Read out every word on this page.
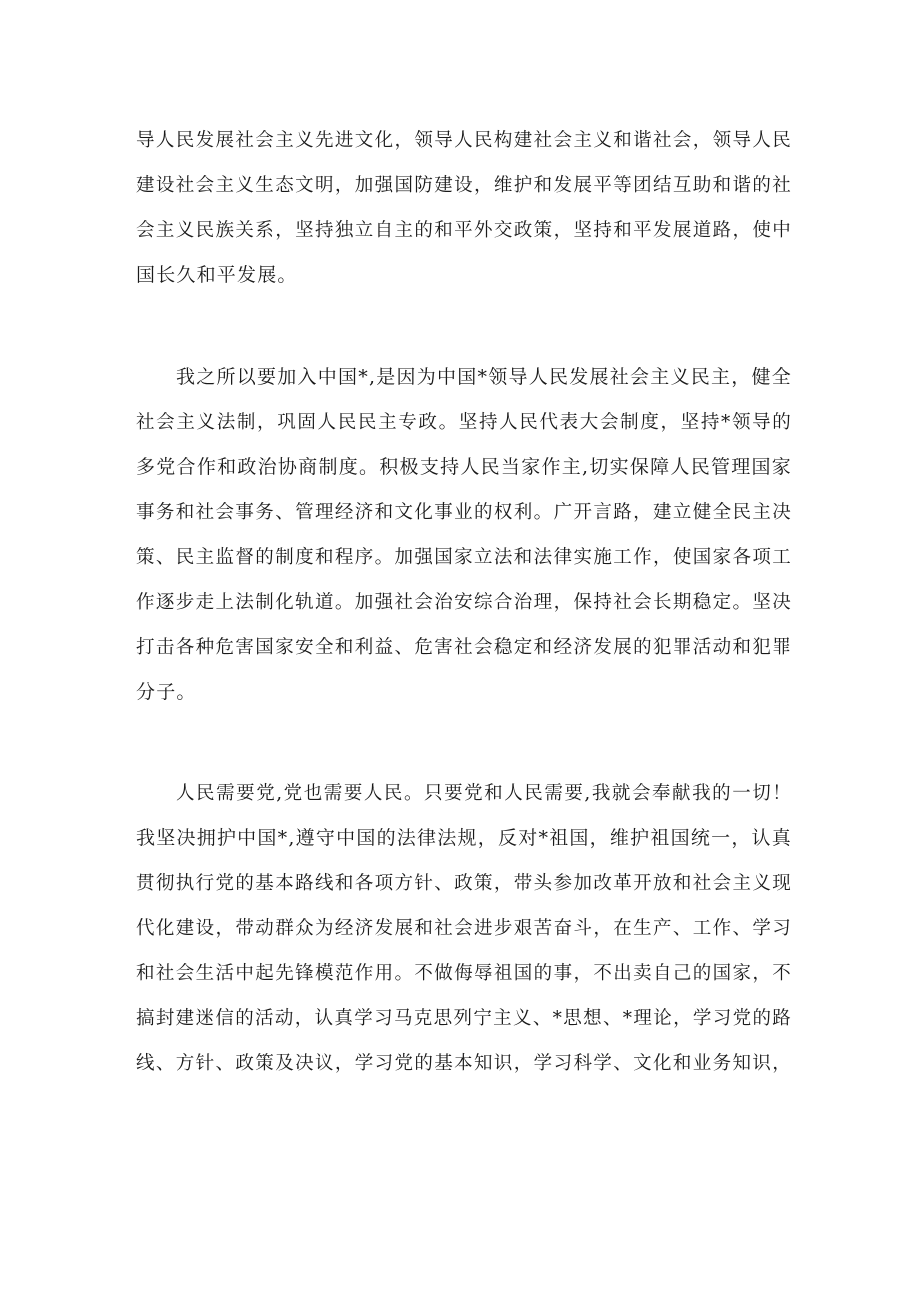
导人民发展社会主义先进文化，领导人民构建社会主义和谐社会，领导人民
建设社会主义生态文明，加强国防建设，维护和发展平等团结互助和谐的社
会主义民族关系，坚持独立自主的和平外交政策，坚持和平发展道路，使中
国长久和平发展。
我之所以要加入中国*,是因为中国*领导人民发展社会主义民主，健全
社会主义法制，巩固人民民主专政。坚持人民代表大会制度，坚持*领导的
多党合作和政治协商制度。积极支持人民当家作主,切实保障人民管理国家
事务和社会事务、管理经济和文化事业的权利。广开言路，建立健全民主决
策、民主监督的制度和程序。加强国家立法和法律实施工作，使国家各项工
作逐步走上法制化轨道。加强社会治安综合治理，保持社会长期稳定。坚决
打击各种危害国家安全和利益、危害社会稳定和经济发展的犯罪活动和犯罪
分子。
人民需要党,党也需要人民。只要党和人民需要,我就会奉献我的一切！
我坚决拥护中国*,遵守中国的法律法规，反对*祖国，维护祖国统一，认真
贯彻执行党的基本路线和各项方针、政策，带头参加改革开放和社会主义现
代化建设，带动群众为经济发展和社会进步艰苦奋斗，在生产、工作、学习
和社会生活中起先锋模范作用。不做侮辱祖国的事，不出卖自己的国家，不
搞封建迷信的活动，认真学习马克思列宁主义、*思想、*理论，学习党的路
线、方针、政策及决议，学习党的基本知识，学习科学、文化和业务知识，
